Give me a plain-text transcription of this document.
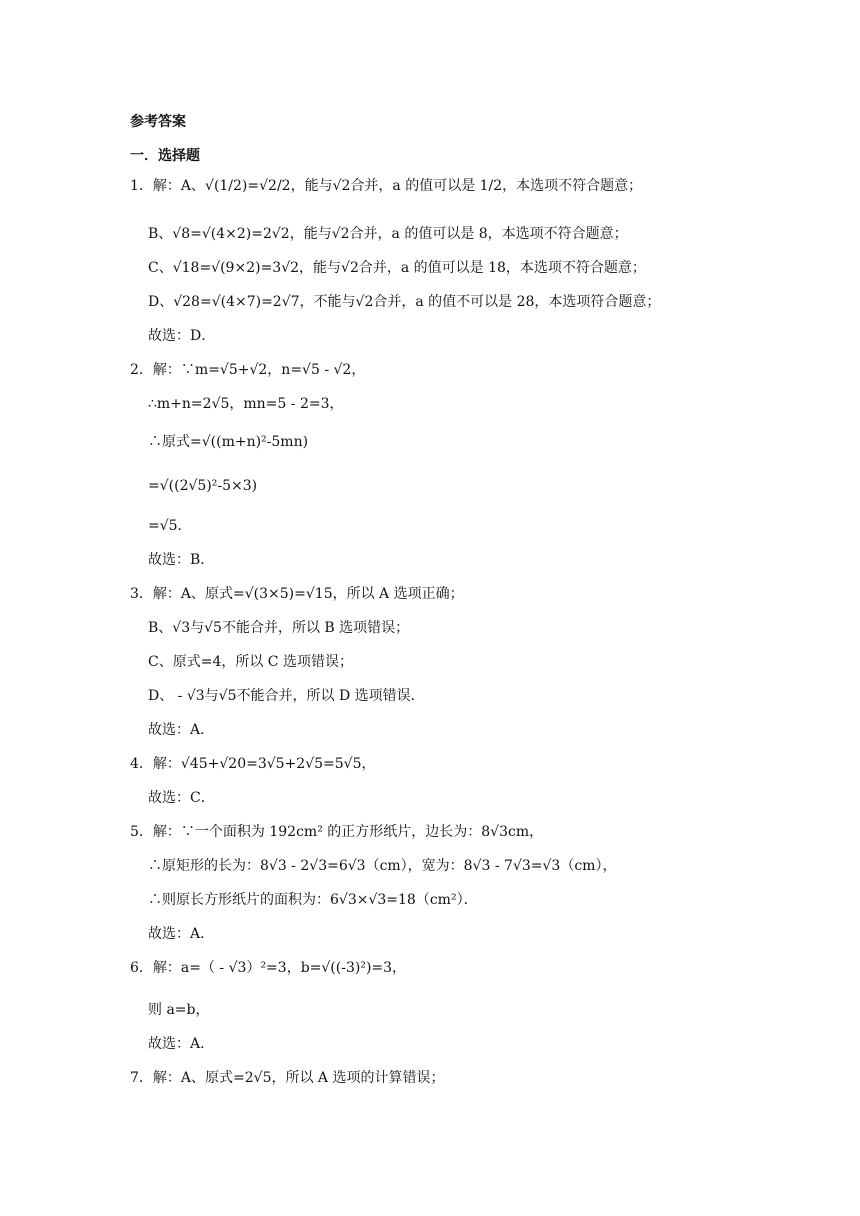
参考答案
一．选择题
1．解：A、√(1/2)=√2/2，能与√2合并，a 的值可以是 1/2，本选项不符合题意；
B、√8=√(4×2)=2√2，能与√2合并，a 的值可以是 8，本选项不符合题意；
C、√18=√(9×2)=3√2，能与√2合并，a 的值可以是 18，本选项不符合题意；
D、√28=√(4×7)=2√7，不能与√2合并，a 的值不可以是 28，本选项符合题意；
故选：D．
2．解：∵m=√5+√2，n=√5 - √2，
∴m+n=2√5，mn=5 - 2=3，
∴原式=√((m+n)²-5mn)
=√((2√5)²-5×3)
=√5．
故选：B．
3．解：A、原式=√(3×5)=√15，所以 A 选项正确；
B、√3与√5不能合并，所以 B 选项错误；
C、原式=4，所以 C 选项错误；
D、 - √3与√5不能合并，所以 D 选项错误．
故选：A．
4．解：√45+√20=3√5+2√5=5√5，
故选：C．
5．解：∵一个面积为 192cm² 的正方形纸片，边长为：8√3cm，
∴原矩形的长为：8√3 - 2√3=6√3（cm），宽为：8√3 - 7√3=√3（cm），
∴则原长方形纸片的面积为：6√3×√3=18（cm²）．
故选：A．
6．解：a=（ - √3）²=3，b=√((-3)²)=3，
则 a=b，
故选：A．
7．解：A、原式=2√5，所以 A 选项的计算错误；
